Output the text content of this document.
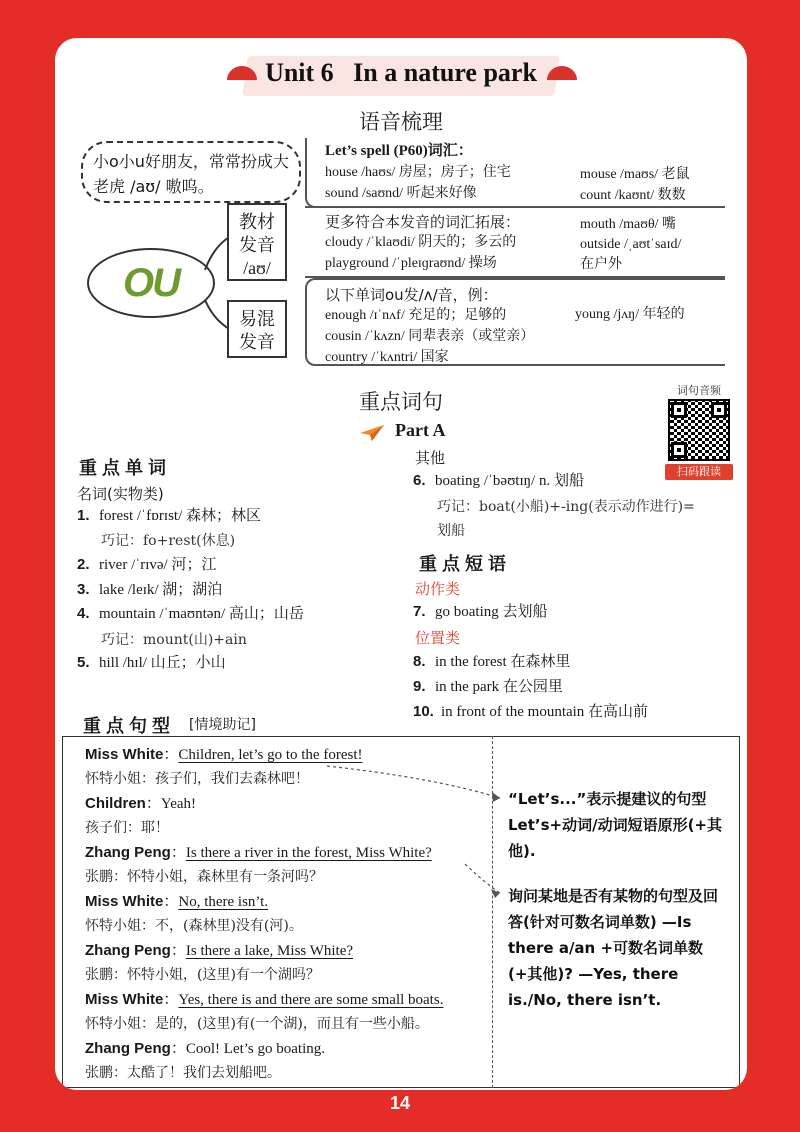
Unit 6   In a nature park
语音梳理
小o小u好朋友，常常扮成大老虎 /aʊ/ 嗷呜。
OU
教材
发音
/aʊ/
易混
发音
Let’s spell (P60)词汇：
house /haʊs/ 房屋；房子；住宅
sound /saʊnd/ 听起来好像
mouse /maʊs/ 老鼠
count /kaʊnt/ 数数
更多符合本发音的词汇拓展：
cloudy /ˈklaʊdi/ 阴天的；多云的
playground /ˈpleɪɡraʊnd/ 操场
mouth /maʊθ/ 嘴
outside /ˌaʊtˈsaɪd/
在户外
以下单词ou发/ʌ/音，例：
enough /ɪˈnʌf/ 充足的；足够的
cousin /ˈkʌzn/ 同辈表亲（或堂亲）
country /ˈkʌntri/ 国家
young /jʌŋ/ 年轻的
重点词句	词句音频
扫码跟读
Part A
重点单词
名词(实物类)
1. forest /ˈfɒrɪst/ 森林；林区
巧记：fo+rest(休息)
2. river /ˈrɪvə/ 河；江
3. lake /leɪk/ 湖；湖泊
4. mountain /ˈmaʊntən/ 高山；山岳
巧记：mount(山)+ain
5. hill /hɪl/ 山丘；小山
其他
6. boating /ˈbəʊtɪŋ/ n. 划船
巧记：boat(小船)+-ing(表示动作进行)=
划船
重点短语
动作类
7. go boating 去划船
位置类
8. in the forest 在森林里
9. in the park 在公园里
10. in front of the mountain 在高山前
重点句型 [情境助记]
Miss White：Children, let’s go to the forest!
怀特小姐：孩子们，我们去森林吧！
Children：Yeah!
孩子们：耶！
Zhang Peng：Is there a river in the forest, Miss White?
张鹏：怀特小姐，森林里有一条河吗？
Miss White：No, there isn’t.
怀特小姐：不，(森林里)没有(河)。
Zhang Peng：Is there a lake, Miss White?
张鹏：怀特小姐，(这里)有一个湖吗？
Miss White：Yes, there is and there are some small boats.
怀特小姐：是的，(这里)有(一个湖)，而且有一些小船。
Zhang Peng：Cool! Let’s go boating.
张鹏：太酷了！我们去划船吧。
“Let’s...”表示提建议的句型 Let’s+动词/动词短语原形(+其他).
询问某地是否有某物的句型及回答(针对可数名词单数) —Is there a/an +可数名词单数(+其他)? —Yes, there is./No, there isn’t.
14
